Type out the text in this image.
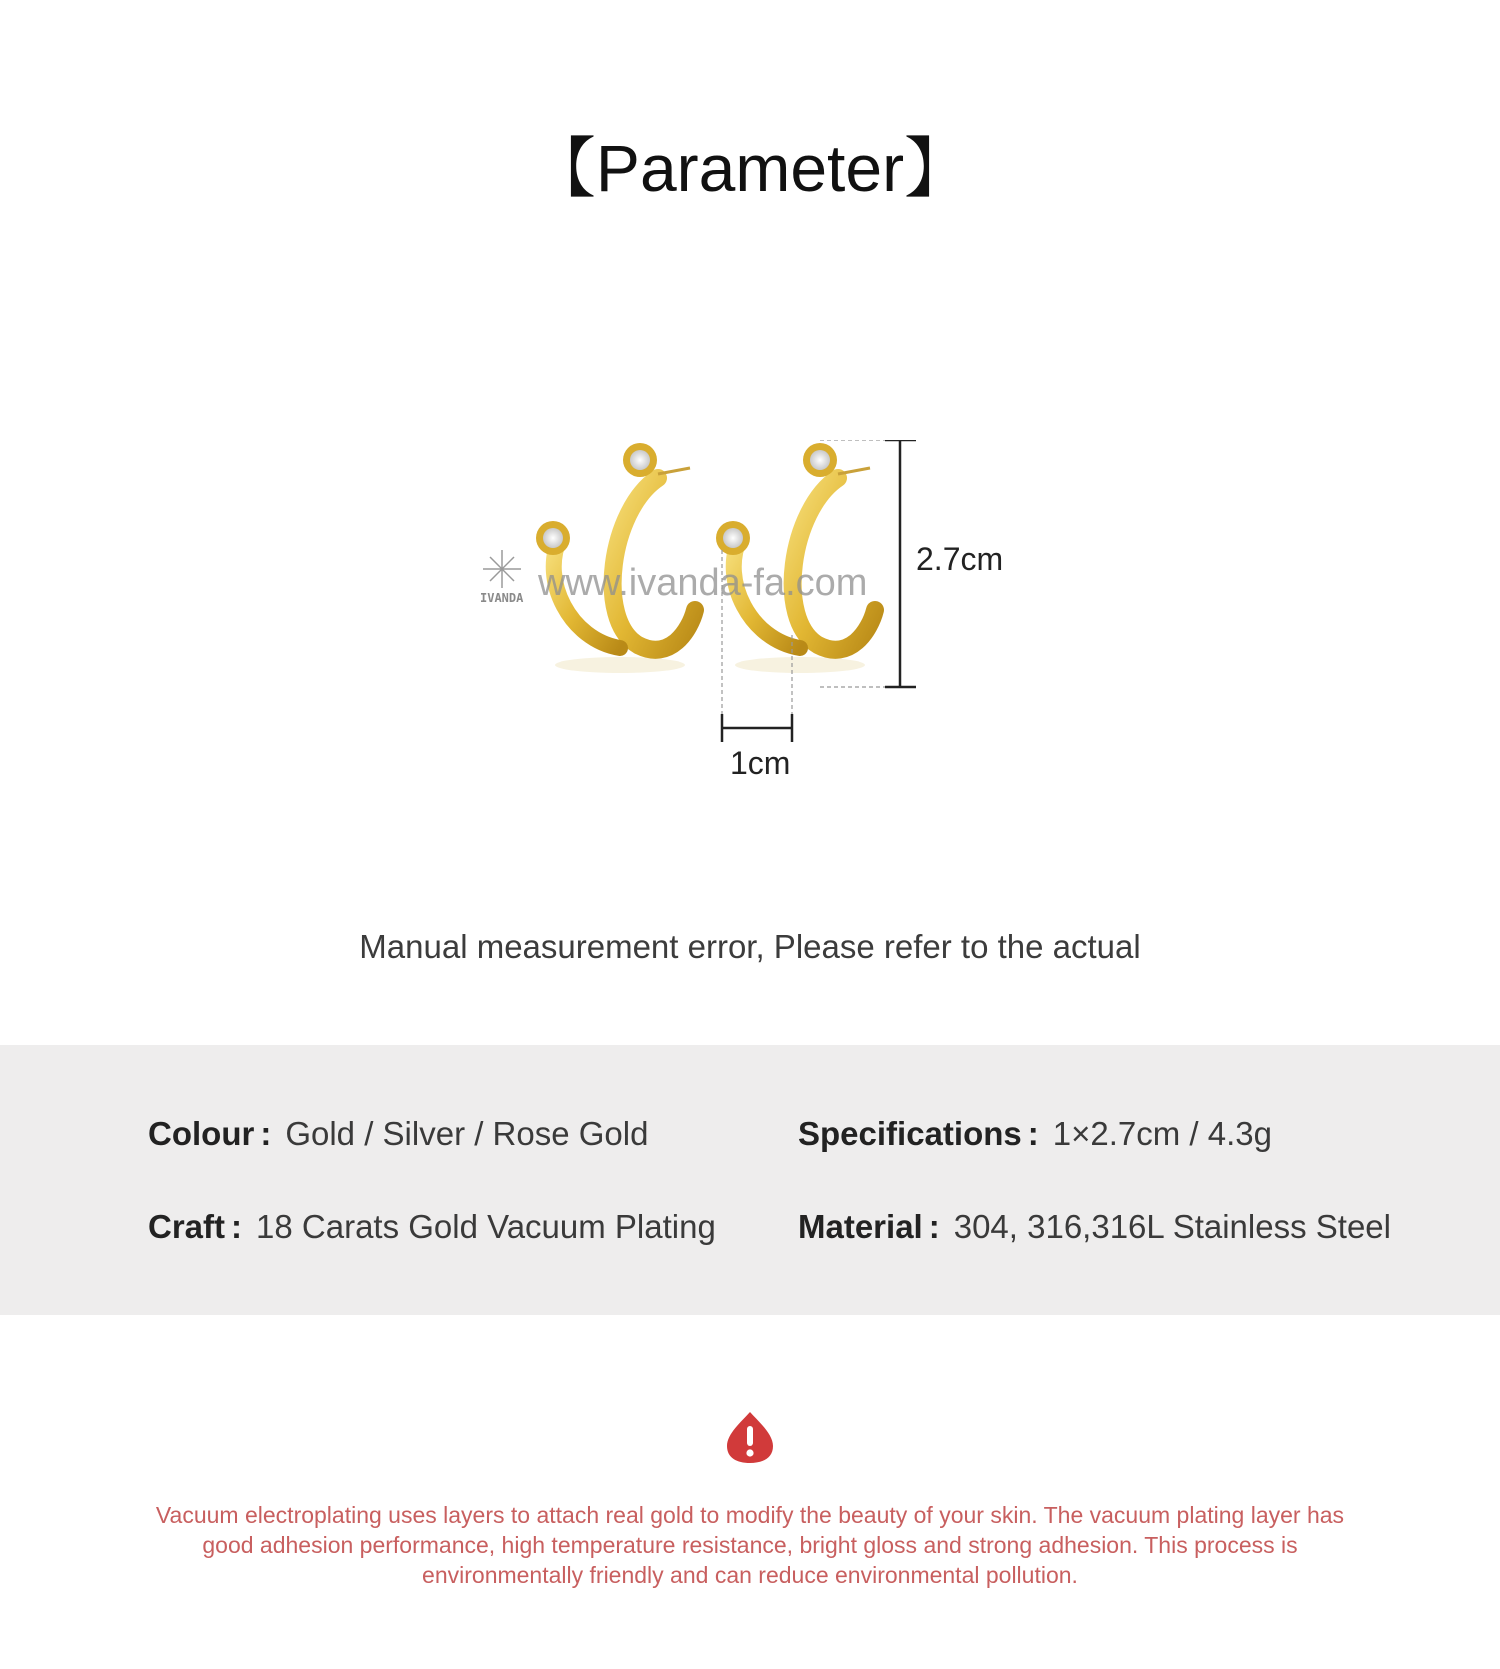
【Parameter】
IVANDA www.ivanda-fa.com
2.7cm
1cm
Manual measurement error, Please refer to the actual
Colour : Gold / Silver / Rose Gold	Specifications : 1×2.7cm / 4.3g
Craft : 18 Carats Gold Vacuum Plating Material : 304, 316,316L Stainless Steel
Vacuum electroplating uses layers to attach real gold to modify the beauty of your skin. The vacuum plating layer has good adhesion performance, high temperature resistance, bright gloss and strong adhesion. This process is environmentally friendly and can reduce environmental pollution.
